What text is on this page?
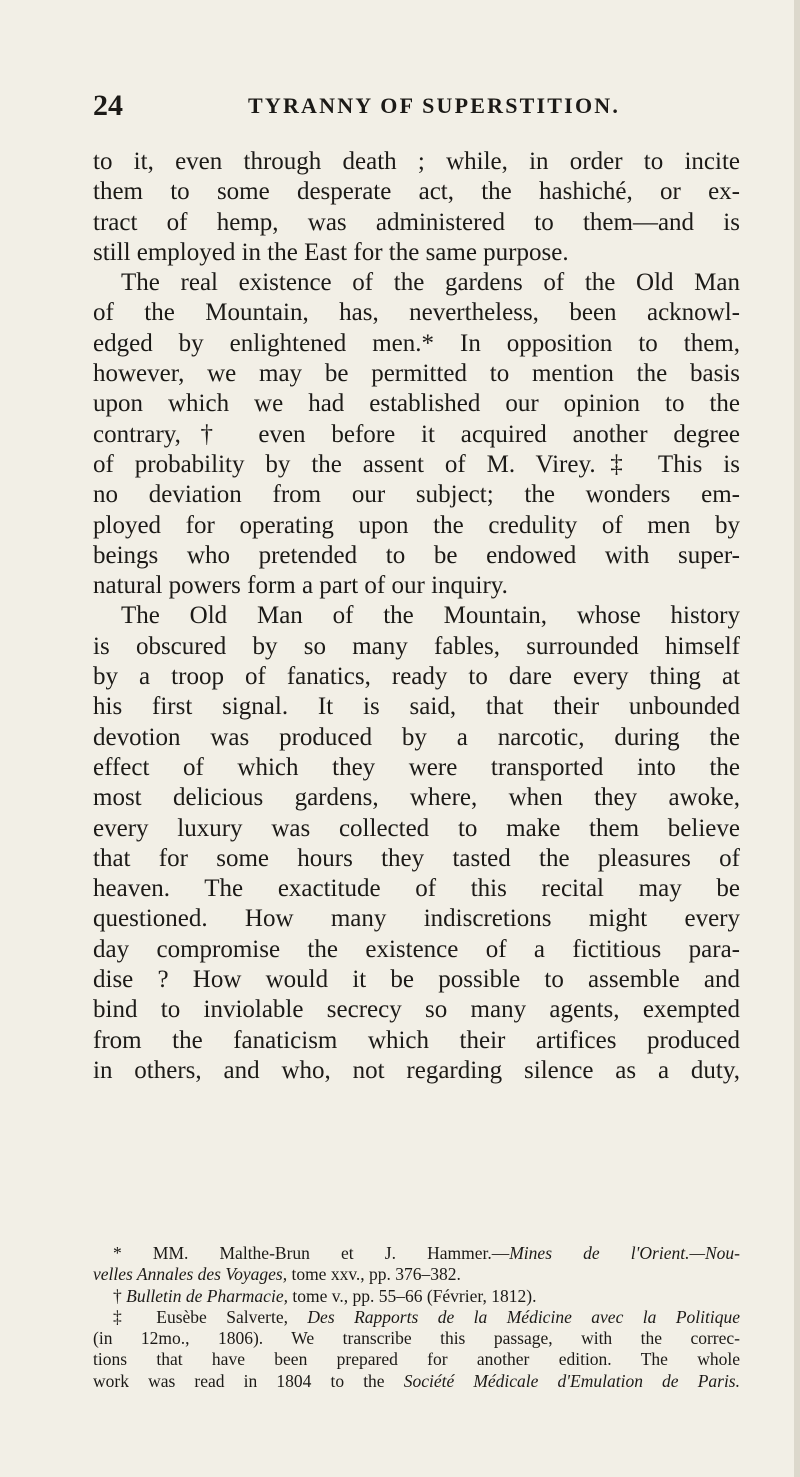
24	TYRANNY OF SUPERSTITION.
to it, even through death ; while, in order to incite
them to some desperate act, the hashiché, or ex-
tract of hemp, was administered to them—and is
still employed in the East for the same purpose.
The real existence of the gardens of the Old Man
of the Mountain, has, nevertheless, been acknowl-
edged by enlightened men.* In opposition to them,
however, we may be permitted to mention the basis
upon which we had established our opinion to the
contrary,† even before it acquired another degree
of probability by the assent of M. Virey.‡ This is
no deviation from our subject; the wonders em-
ployed for operating upon the credulity of men by
beings who pretended to be endowed with super-
natural powers form a part of our inquiry.
The Old Man of the Mountain, whose history
is obscured by so many fables, surrounded himself
by a troop of fanatics, ready to dare every thing at
his first signal. It is said, that their unbounded
devotion was produced by a narcotic, during the
effect of which they were transported into the
most delicious gardens, where, when they awoke,
every luxury was collected to make them believe
that for some hours they tasted the pleasures of
heaven. The exactitude of this recital may be
questioned. How many indiscretions might every
day compromise the existence of a fictitious para-
dise ? How would it be possible to assemble and
bind to inviolable secrecy so many agents, exempted
from the fanaticism which their artifices produced
in others, and who, not regarding silence as a duty,
* MM. Malthe-Brun et J. Hammer.—Mines de l'Orient.—Nou-
velles Annales des Voyages, tome xxv., pp. 376–382.
† Bulletin de Pharmacie, tome v., pp. 55–66 (Février, 1812).
‡ Eusèbe Salverte, Des Rapports de la Médicine avec la Politique
(in 12mo., 1806). We transcribe this passage, with the correc-
tions that have been prepared for another edition. The whole
work was read in 1804 to the Société Médicale d'Emulation de Paris.
